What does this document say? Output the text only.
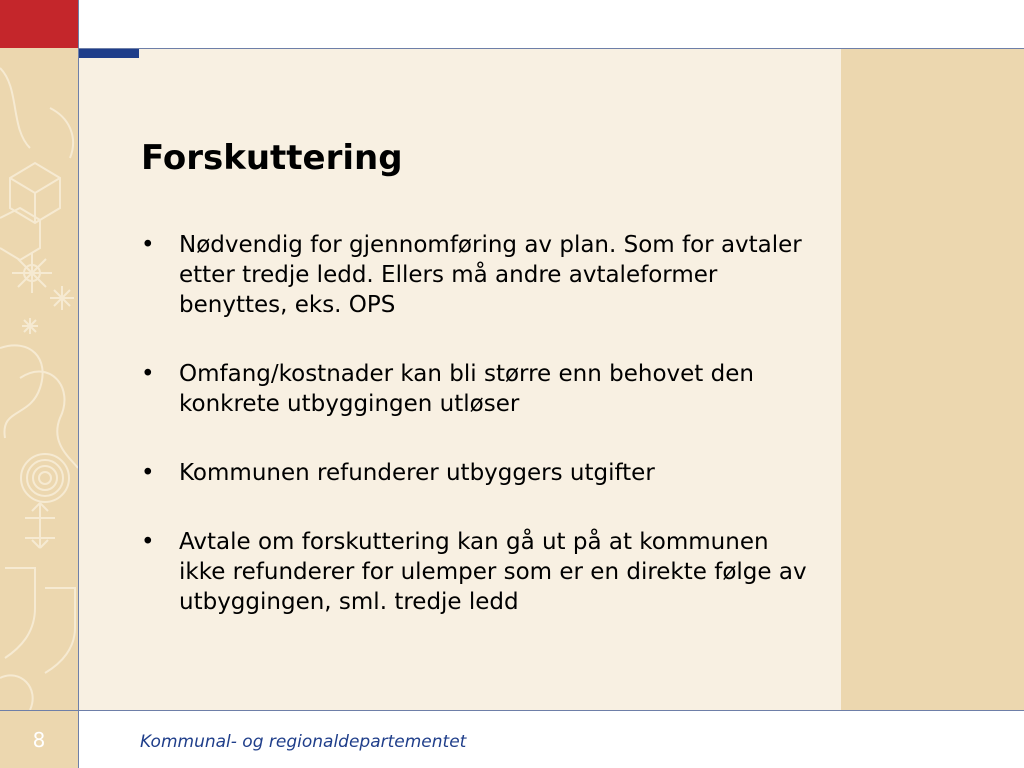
Forskuttering
• Nødvendig for gjennomføring av plan. Som for avtaler etter tredje ledd. Ellers må andre avtaleformer benyttes, eks. OPS
• Omfang/kostnader kan bli større enn behovet den konkrete utbyggingen utløser
• Kommunen refunderer utbyggers utgifter
• Avtale om forskuttering kan gå ut på at kommunen ikke refunderer for ulemper som er en direkte følge av utbyggingen, sml. tredje ledd
8	Kommunal- og regionaldepartementet
